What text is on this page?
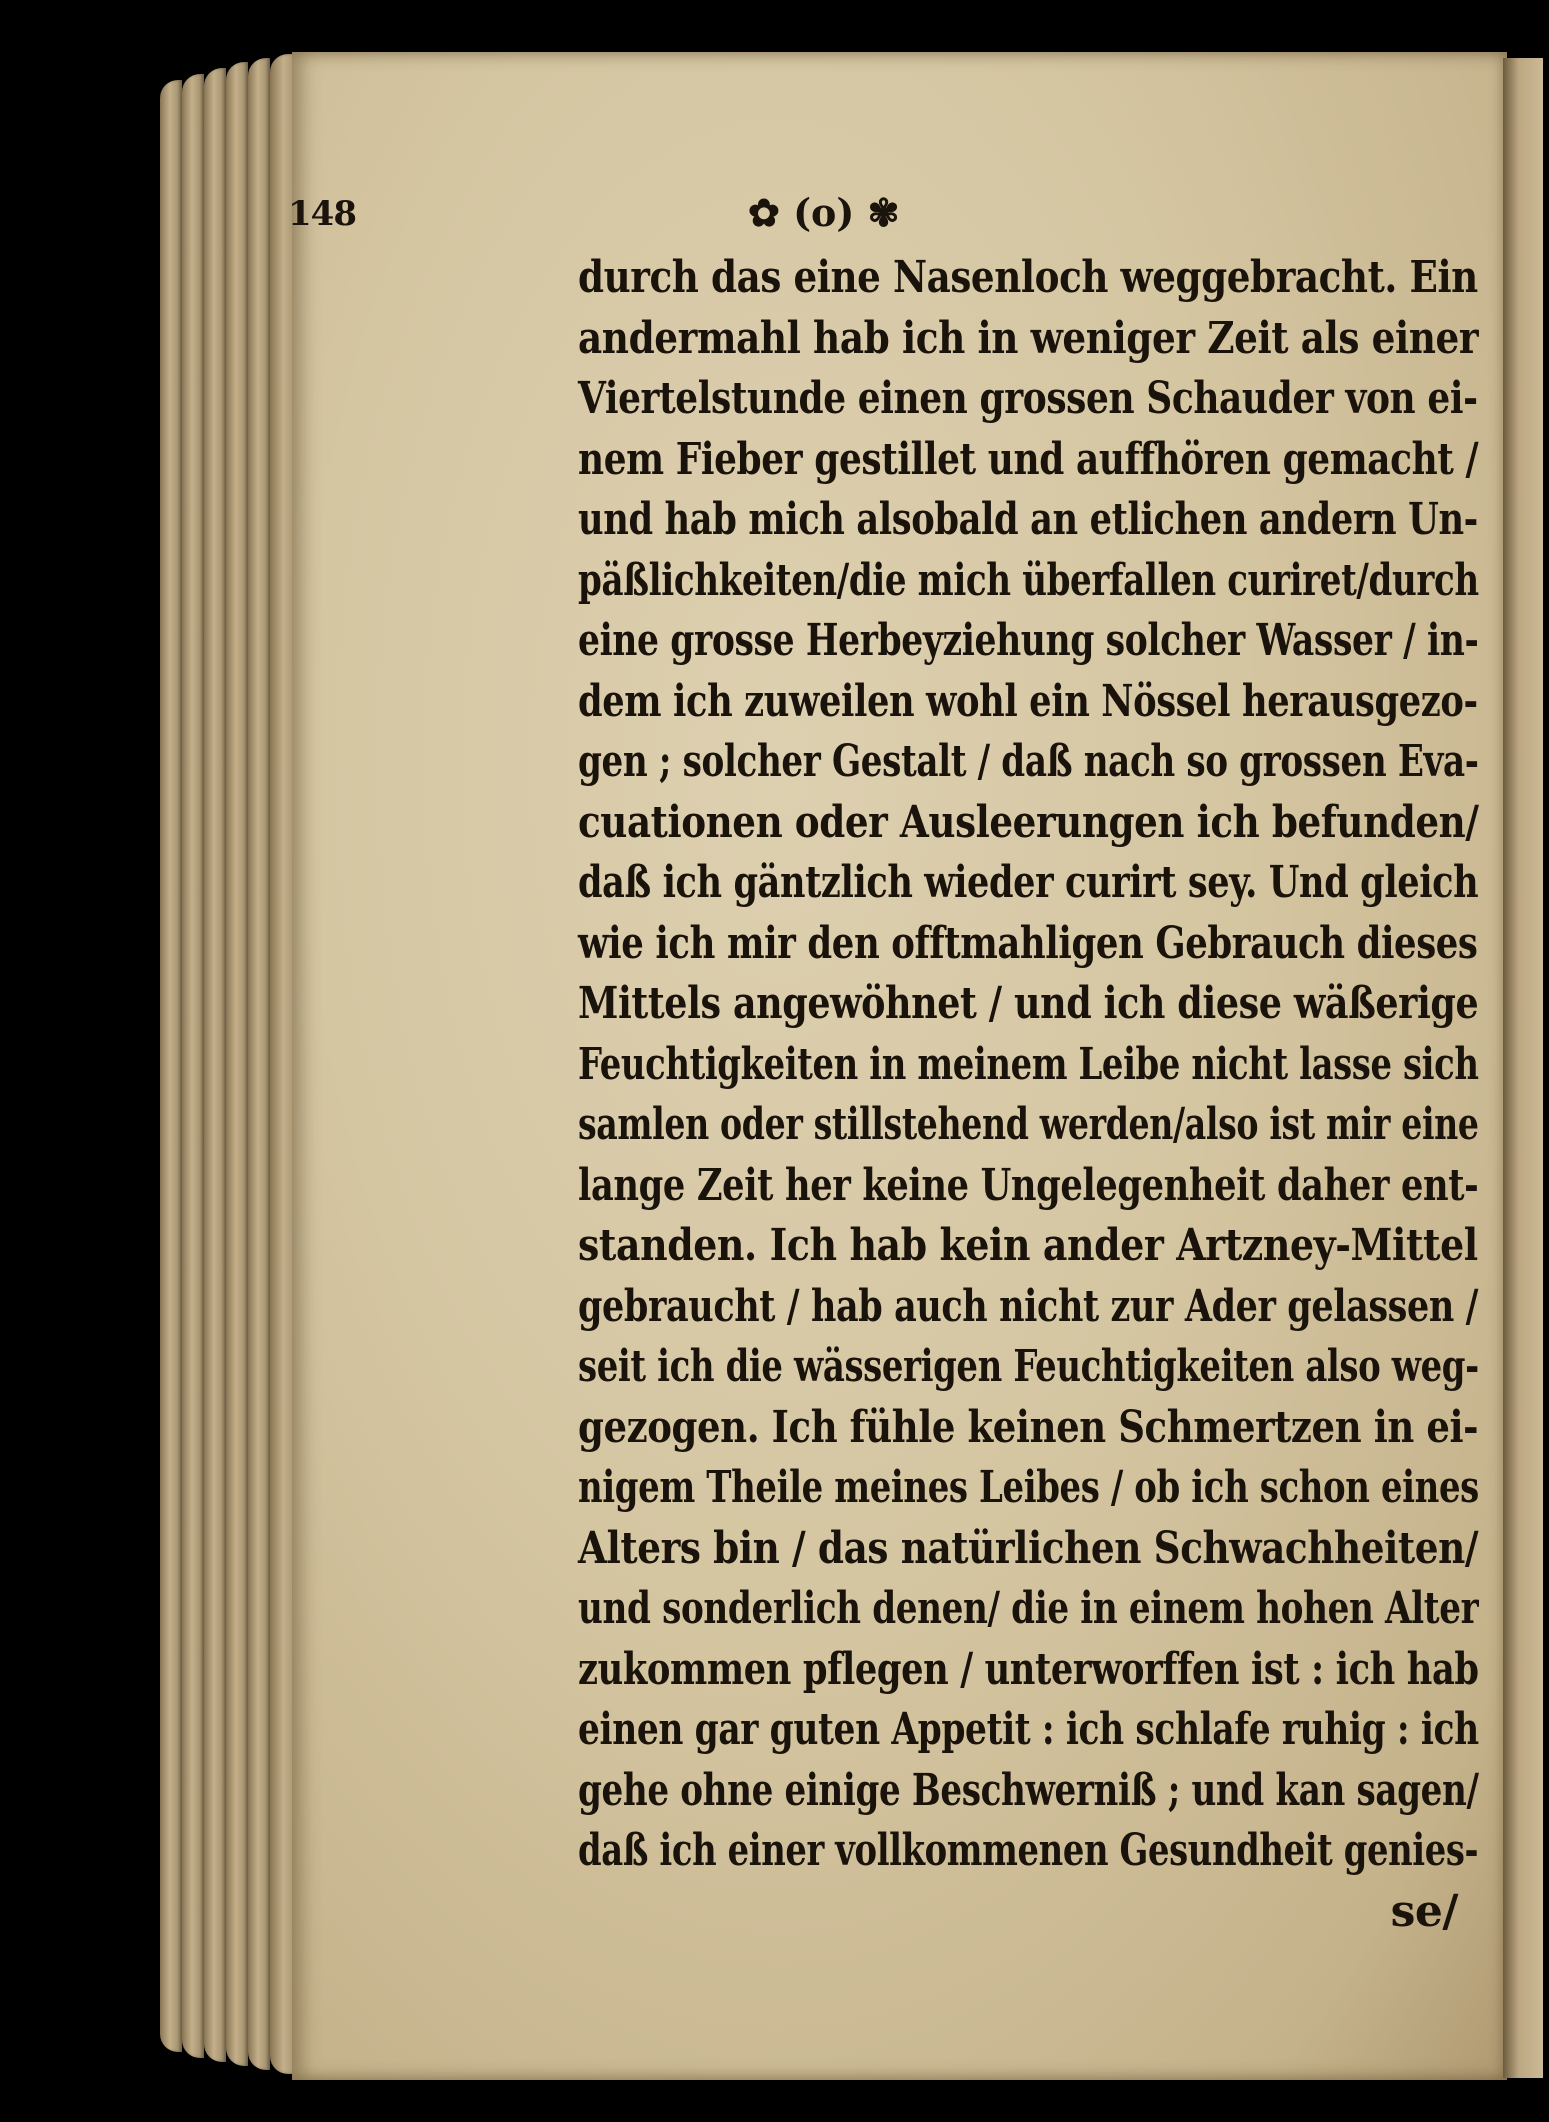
148	✿ (o) ✾
durch das eine Nasenloch weggebracht. Ein
andermahl hab ich in weniger Zeit als einer
Viertelstunde einen grossen Schauder von ei-
nem Fieber gestillet und auffhören gemacht /
und hab mich alsobald an etlichen andern Un-
päßlichkeiten/die mich überfallen curiret/durch
eine grosse Herbeyziehung solcher Wasser / in-
dem ich zuweilen wohl ein Nössel herausgezo-
gen ; solcher Gestalt / daß nach so grossen Eva-
cuationen oder Ausleerungen ich befunden/
daß ich gäntzlich wieder curirt sey. Und gleich
wie ich mir den offtmahligen Gebrauch dieses
Mittels angewöhnet / und ich diese wäßerige
Feuchtigkeiten in meinem Leibe nicht lasse sich
samlen oder stillstehend werden/also ist mir eine
lange Zeit her keine Ungelegenheit daher ent-
standen. Ich hab kein ander Artzney-Mittel
gebraucht / hab auch nicht zur Ader gelassen /
seit ich die wässerigen Feuchtigkeiten also weg-
gezogen. Ich fühle keinen Schmertzen in ei-
nigem Theile meines Leibes / ob ich schon eines
Alters bin / das natürlichen Schwachheiten/
und sonderlich denen/ die in einem hohen Alter
zukommen pflegen / unterworffen ist : ich hab
einen gar guten Appetit : ich schlafe ruhig : ich
gehe ohne einige Beschwerniß ; und kan sagen/
daß ich einer vollkommenen Gesundheit genies-
se/
